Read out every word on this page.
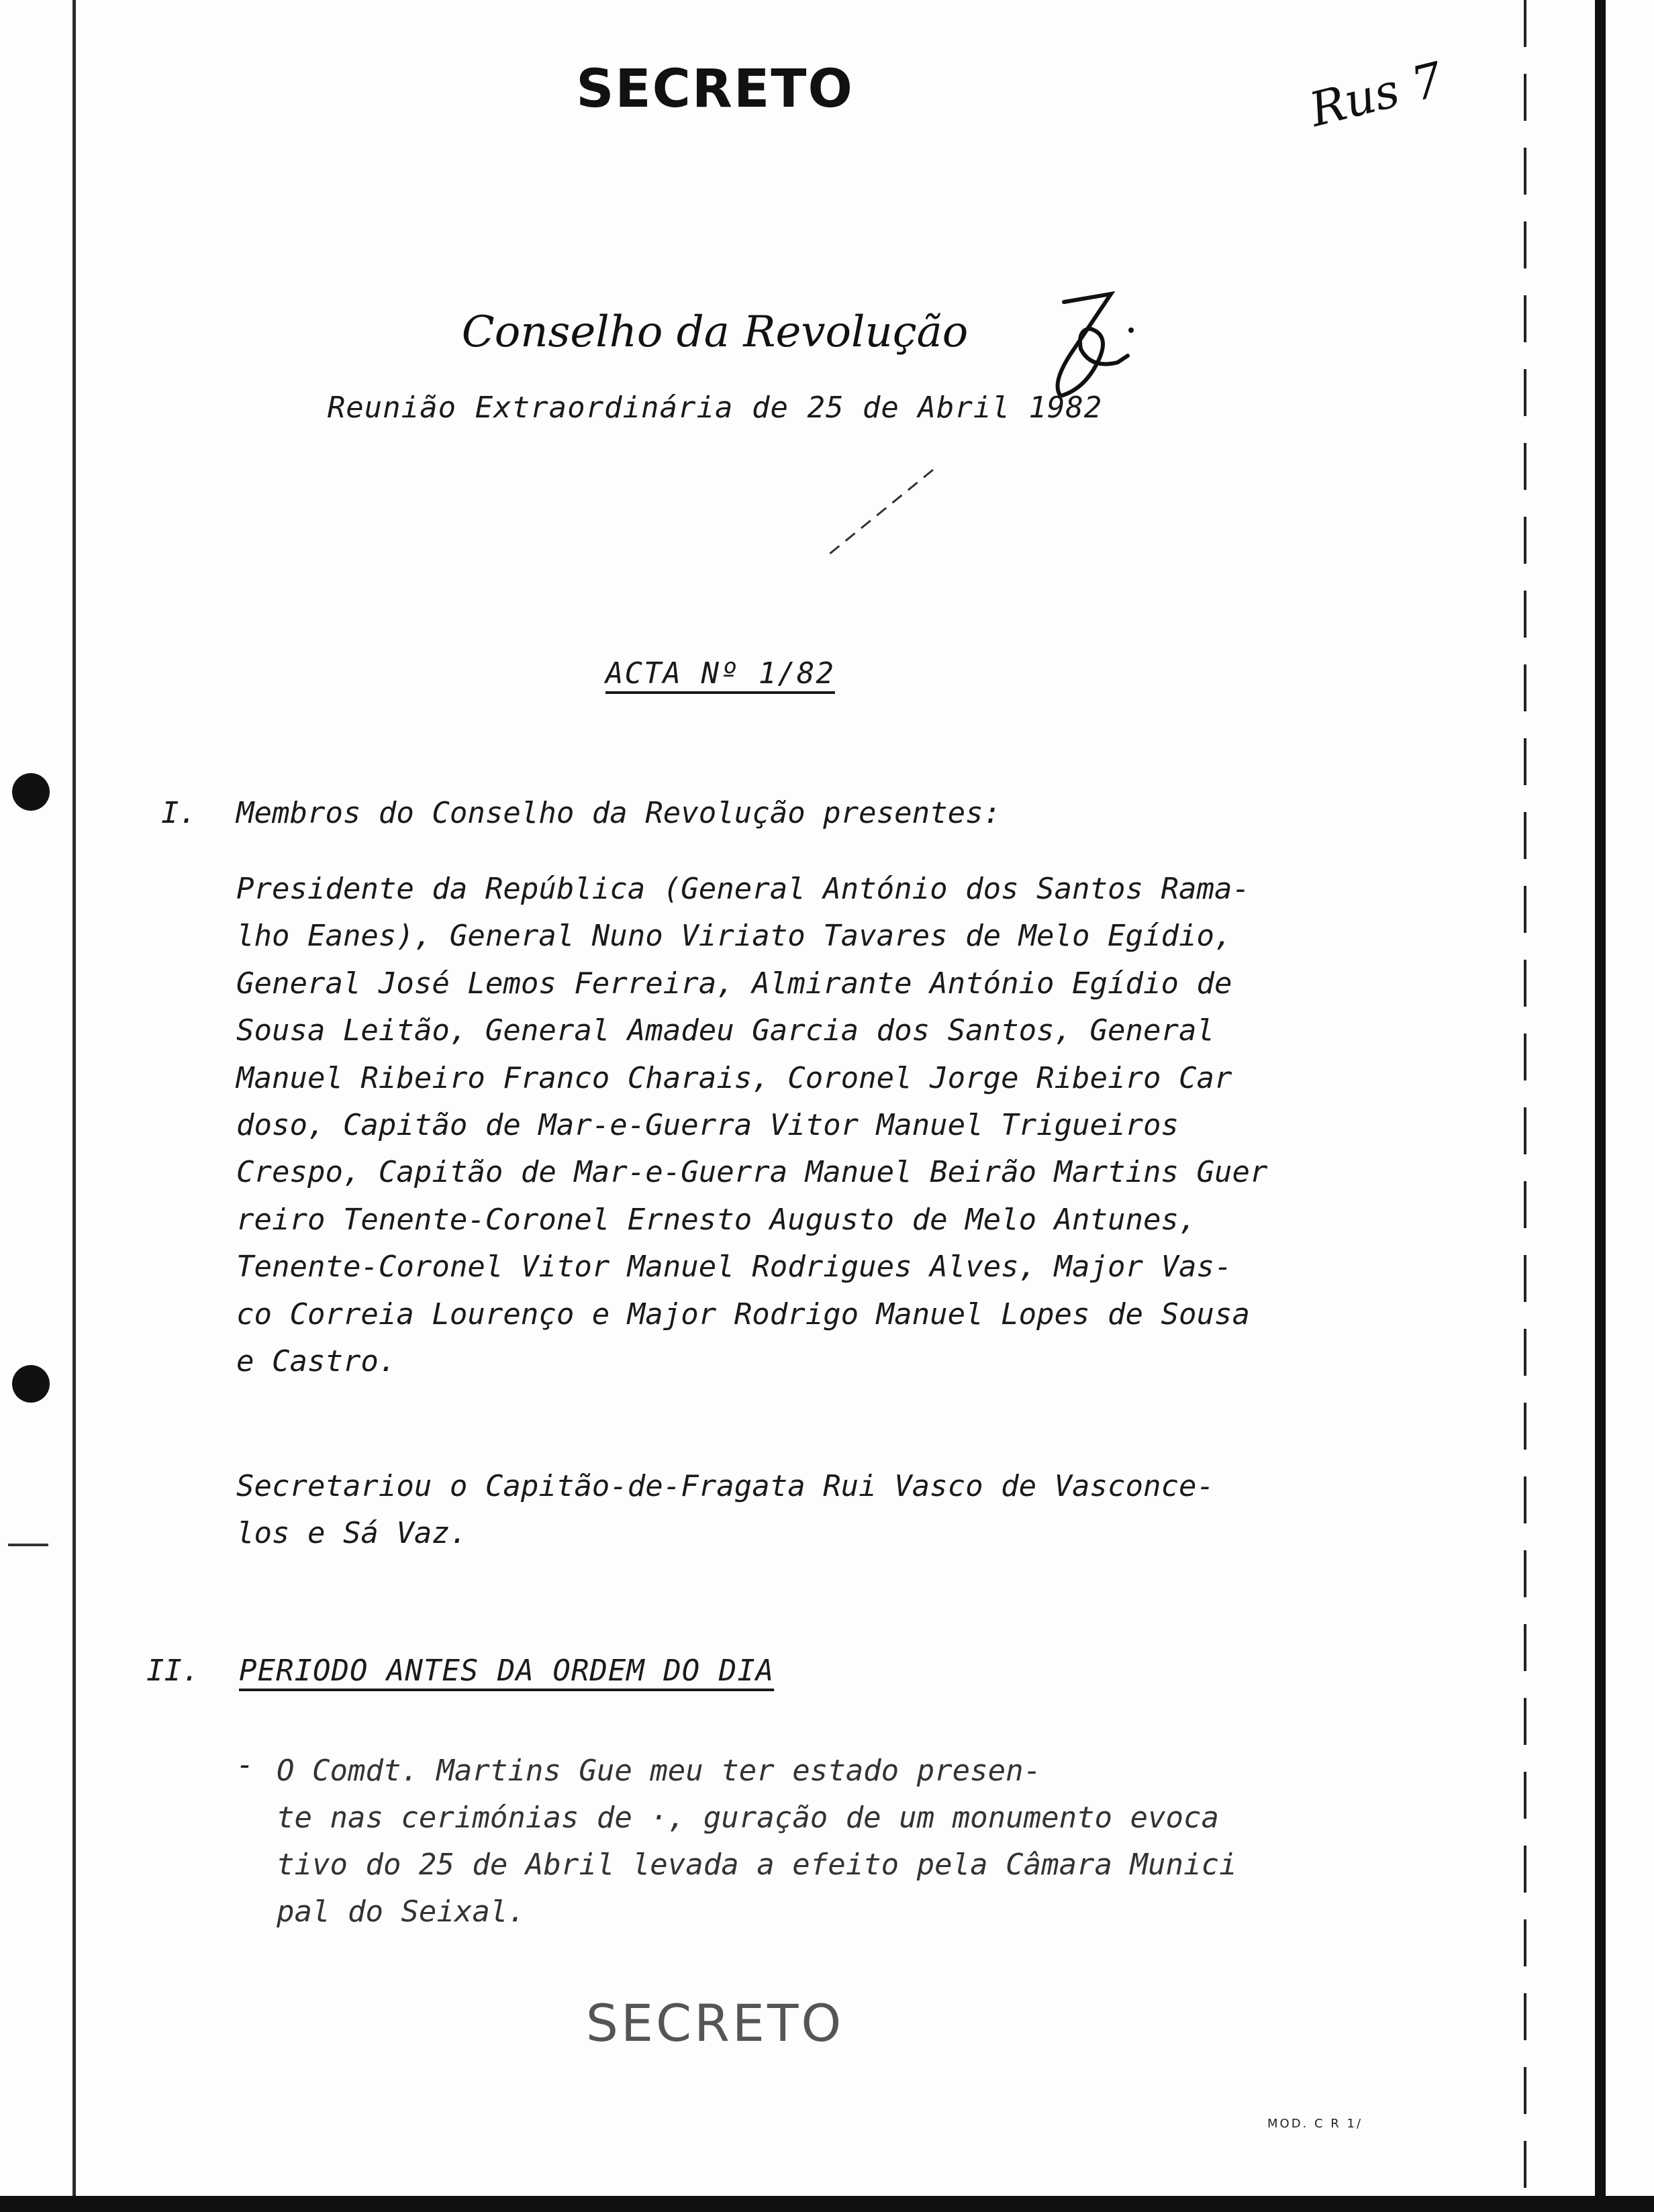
SECRETO	Rus 7
Conselho da Revolução
Reunião Extraordinária de 25 de Abril 1982
ACTA Nº 1/82
I. Membros do Conselho da Revolução presentes:
Presidente da República (General António dos Santos Rama-
lho Eanes), General Nuno Viriato Tavares de Melo Egídio,
General José Lemos Ferreira, Almirante António Egídio de
Sousa Leitão, General Amadeu Garcia dos Santos, General
Manuel Ribeiro Franco Charais, Coronel Jorge Ribeiro Car
doso, Capitão de Mar-e-Guerra Vitor Manuel Trigueiros
Crespo, Capitão de Mar-e-Guerra Manuel Beirão Martins Guer
reiro Tenente-Coronel Ernesto Augusto de Melo Antunes,
Tenente-Coronel Vitor Manuel Rodrigues Alves, Major Vas-
co Correia Lourenço e Major Rodrigo Manuel Lopes de Sousa
e Castro.
Secretariou o Capitão-de-Fragata Rui Vasco de Vasconce-
los e Sá Vaz.
II. PERIODO ANTES DA ORDEM DO DIA
- O Comdt. Martins Gue meu ter estado presen-
te nas cerimónias de ·, guração de um monumento evoca
tivo do 25 de Abril levada a efeito pela Câmara Munici
pal do Seixal.
SECRETO
MOD. C R 1/
